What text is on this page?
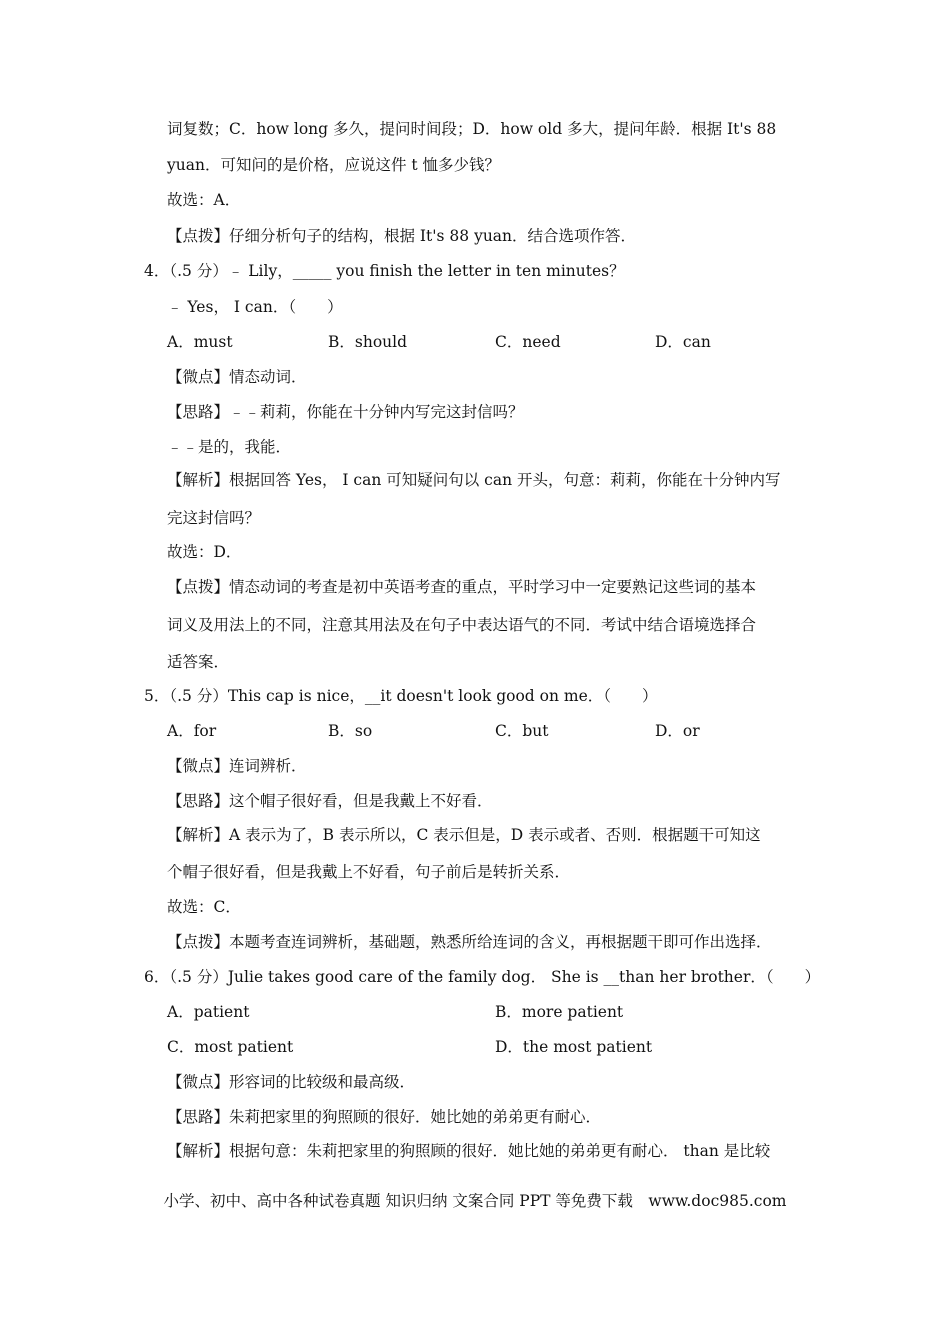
词复数；C．how long 多久，提问时间段；D．how old 多大，提问年龄．根据 It's 88
yuan．可知问的是价格，应说这件 t 恤多少钱？
故选：A．
【点拨】仔细分析句子的结构，根据 It's 88 yuan．结合选项作答．
4．（.5 分）﹣ Lily，_____ you finish the letter in ten minutes？
﹣ Yes， I can．（　　）
A．must	B．should	C．need	D．can
【微点】情态动词．
【思路】﹣﹣莉莉，你能在十分钟内写完这封信吗？
﹣﹣是的，我能．
【解析】根据回答 Yes， I can 可知疑问句以 can 开头，句意：莉莉，你能在十分钟内写
完这封信吗？
故选：D．
【点拨】情态动词的考查是初中英语考查的重点，平时学习中一定要熟记这些词的基本
词义及用法上的不同，注意其用法及在句子中表达语气的不同．考试中结合语境选择合
适答案．
5．（.5 分）This cap is nice，__it doesn't look good on me．（　　）
A．for	B．so	C．but	D．or
【微点】连词辨析．
【思路】这个帽子很好看，但是我戴上不好看．
【解析】A 表示为了，B 表示所以，C 表示但是，D 表示或者、否则．根据题干可知这
个帽子很好看，但是我戴上不好看，句子前后是转折关系．
故选：C．
【点拨】本题考查连词辨析，基础题，熟悉所给连词的含义，再根据题干即可作出选择．
6．（.5 分）Julie takes good care of the family dog． She is __than her brother．（　　）
A．patient	B．more patient
C．most patient	D．the most patient
【微点】形容词的比较级和最高级．
【思路】朱莉把家里的狗照顾的很好．她比她的弟弟更有耐心．
【解析】根据句意：朱莉把家里的狗照顾的很好．她比她的弟弟更有耐心． than 是比较
小学、初中、高中各种试卷真题 知识归纳 文案合同 PPT 等免费下载　www.doc985.com
